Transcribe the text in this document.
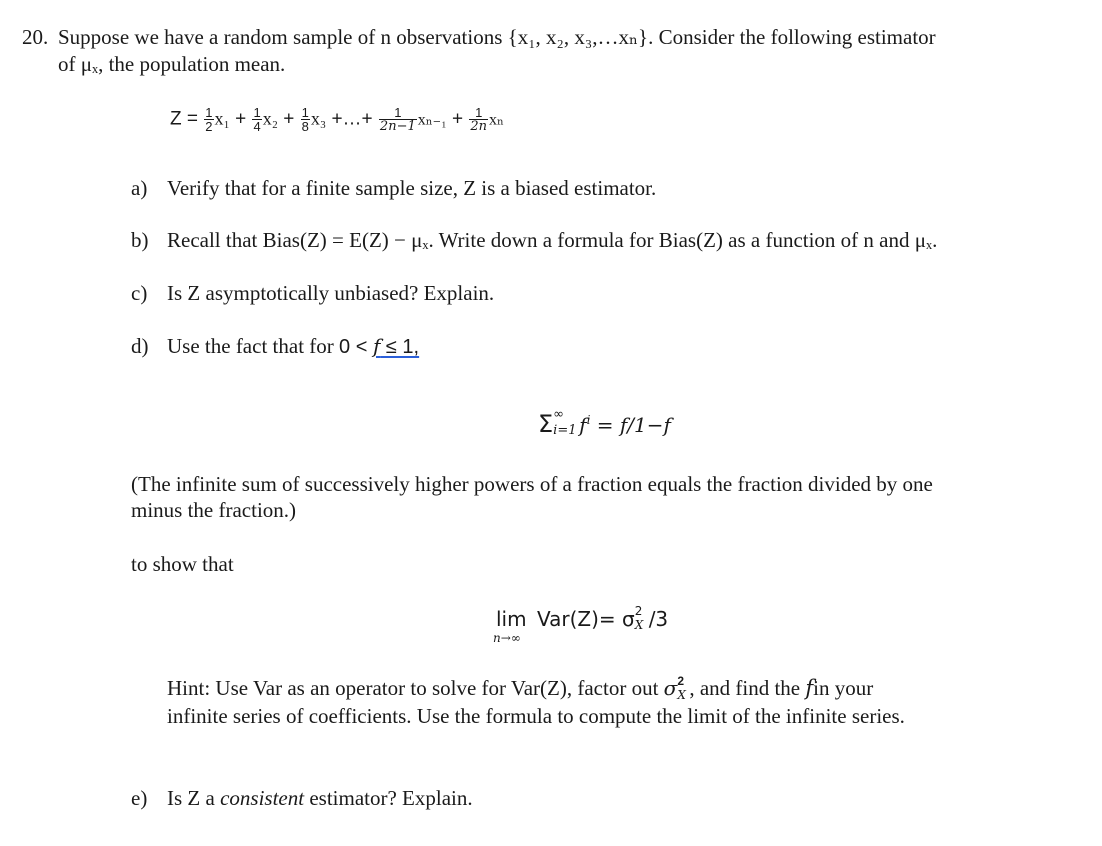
20. Suppose we have a random sample of n observations {x₁, x₂, x₃,…xₙ}. Consider the following estimator
of μₓ, the population mean.
$Z = \frac{1}{2} x_1 + \frac{1}{4} x_2 + \frac{1}{8} x_3$ +…+ $\frac{1}{2n-1} x_{n-1} + \frac{1}{2n}$ xₙ
a) Verify that for a finite sample size, Z is a biased estimator.
b) Recall that Bias(Z) = E(Z) − μₓ. Write down a formula for Bias(Z) as a function of n and μₓ.
c) Is Z asymptotically unbiased? Explain.
d) Use the fact that for 0 < f ≤ 1,
Σ ∞
i=1 $f^i = f/1-f$
(The infinite sum of successively higher powers of a fraction equals the fraction divided by one
minus the fraction.)
to show that
lim
n→∞
Var(Z)= σ 2
X /3
Hint: Use Var as an operator to solve for Var(Z), factor out σ 2
X , and find the fin your
infinite series of coefficients. Use the formula to compute the limit of the infinite series.
e) Is Z a consistent estimator? Explain.
